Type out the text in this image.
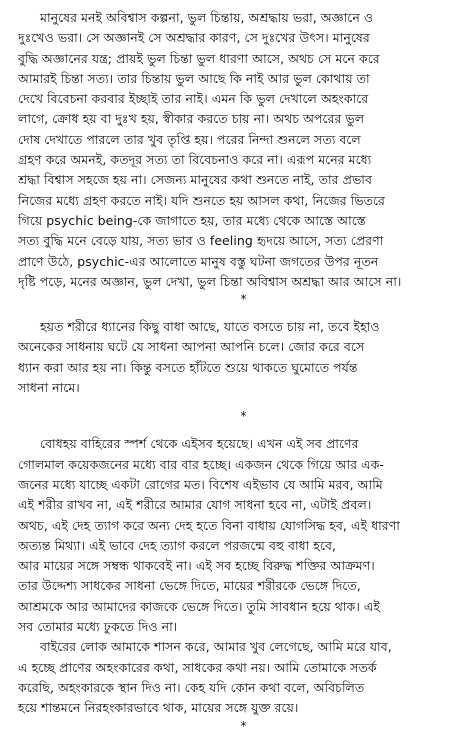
মানুষের মনই অবিশ্বাস কল্পনা, ভুল চিন্তায়, অশ্রদ্ধায় ভরা, অজ্ঞানে ও
দুঃখেও ভরা। সে অজ্ঞানই সে অশ্রদ্ধার কারণ, সে দুঃখের উৎস। মানুষের
বুদ্ধি অজ্ঞানের যন্ত্র; প্রায়ই ভুল চিন্তা ভুল ধারণা আসে, অথচ সে মনে করে
আমারই চিন্তা সত্য। তার চিন্তায় ভুল আছে কি নাই আর ভুল কোথায় তা
দেখে বিবেচনা করবার ইচ্ছাই তার নাই। এমন কি ভুল দেখালে অহংকারে
লাগে, ক্রোধ হয় বা দুঃখ হয়, স্বীকার করতে চায় না। অথচ অপরের ভুল
দোষ দেখাতে পারলে তার খুব তৃপ্তি হয়। পরের নিন্দা শুনলে সত্য বলে
গ্রহণ করে অমনই, কতদূর সত্য তা বিবেচনাও করে না। এরূপ মনের মধ্যে
শ্রদ্ধা বিশ্বাস সহজে হয় না। সেজন্য মানুষের কথা শুনতে নাই, তার প্রভাব
নিজের মধ্যে গ্রহণ করতে নাই। যদি শুনতে হয় আসল কথা, নিজের ভিতরে
গিয়ে psychic being-কে জাগাতে হয়, তার মধ্যে থেকে আস্তে আস্তে
সত্য বুদ্ধি মনে বেড়ে যায়, সত্য ভাব ও feeling হৃদয়ে আসে, সত্য প্রেরণা
প্রাণে উঠে, psychic-এর আলোতে মানুষ বস্তু ঘটনা জগতের উপর নূতন
দৃষ্টি পড়ে, মনের অজ্ঞান, ভুল দেখা, ভুল চিন্তা অবিশ্বাস অশ্রদ্ধা আর আসে না।
*
হয়ত শরীরে ধ্যানের কিছু বাধা আছে, যাতে বসতে চায় না, তবে ইহাও
অনেকের সাধনায় ঘটে যে সাধনা আপনা আপনি চলে। জোর করে বসে
ধ্যান করা আর হয় না। কিন্তু বসতে হাঁটতে শুয়ে থাকতে ঘুমোতে পর্যন্ত
সাধনা নামে।
*
বোধহয় বাহিরের স্পর্শ থেকে এইসব হয়েছে। এখন এই সব প্রাণের
গোলমাল কয়েকজনের মধ্যে বার বার হচ্ছে। একজন থেকে গিয়ে আর এক-
জনের মধ্যে যাচ্ছে একটা রোগের মত। বিশেষ এইভাব যে আমি মরব, আমি
এই শরীর রাখব না, এই শরীরে আমার যোগ সাধনা হবে না, এটাই প্রবল।
অথচ, এই দেহ ত্যাগ করে অন্য দেহ হতে বিনা বাধায় যোগসিদ্ধ হব, এই ধারণা
অত্যন্ত মিথ্যা। এই ভাবে দেহ ত্যাগ করলে পরজন্মে বহু বাধা হবে,
আর মায়ের সঙ্গে সম্বন্ধ থাকবেই না। এই সব হচ্ছে বিরুদ্ধ শক্তির আক্রমণ।
তার উদ্দেশ্য সাধকের সাধনা ভেঙ্গে দিতে, মায়ের শরীরকে ভেঙ্গে দিতে,
আশ্রমকে আর আমাদের কাজকে ভেঙ্গে দিতে। তুমি সাবধান হয়ে থাক। এই
সব তোমার মধ্যে ঢুকতে দিও না।
বাইরের লোক আমাকে শাসন করে, আমার খুব লেগেছে, আমি মরে যাব,
এ হচ্ছে প্রাণের অহংকারের কথা, সাধকের কথা নয়। আমি তোমাকে সতর্ক
করেছি, অহংকারকে স্থান দিও না। কেহ যদি কোন কথা বলে, অবিচলিত
হয়ে শান্তমনে নিরহংকারভাবে থাক, মায়ের সঙ্গে যুক্ত রয়ে।
*
